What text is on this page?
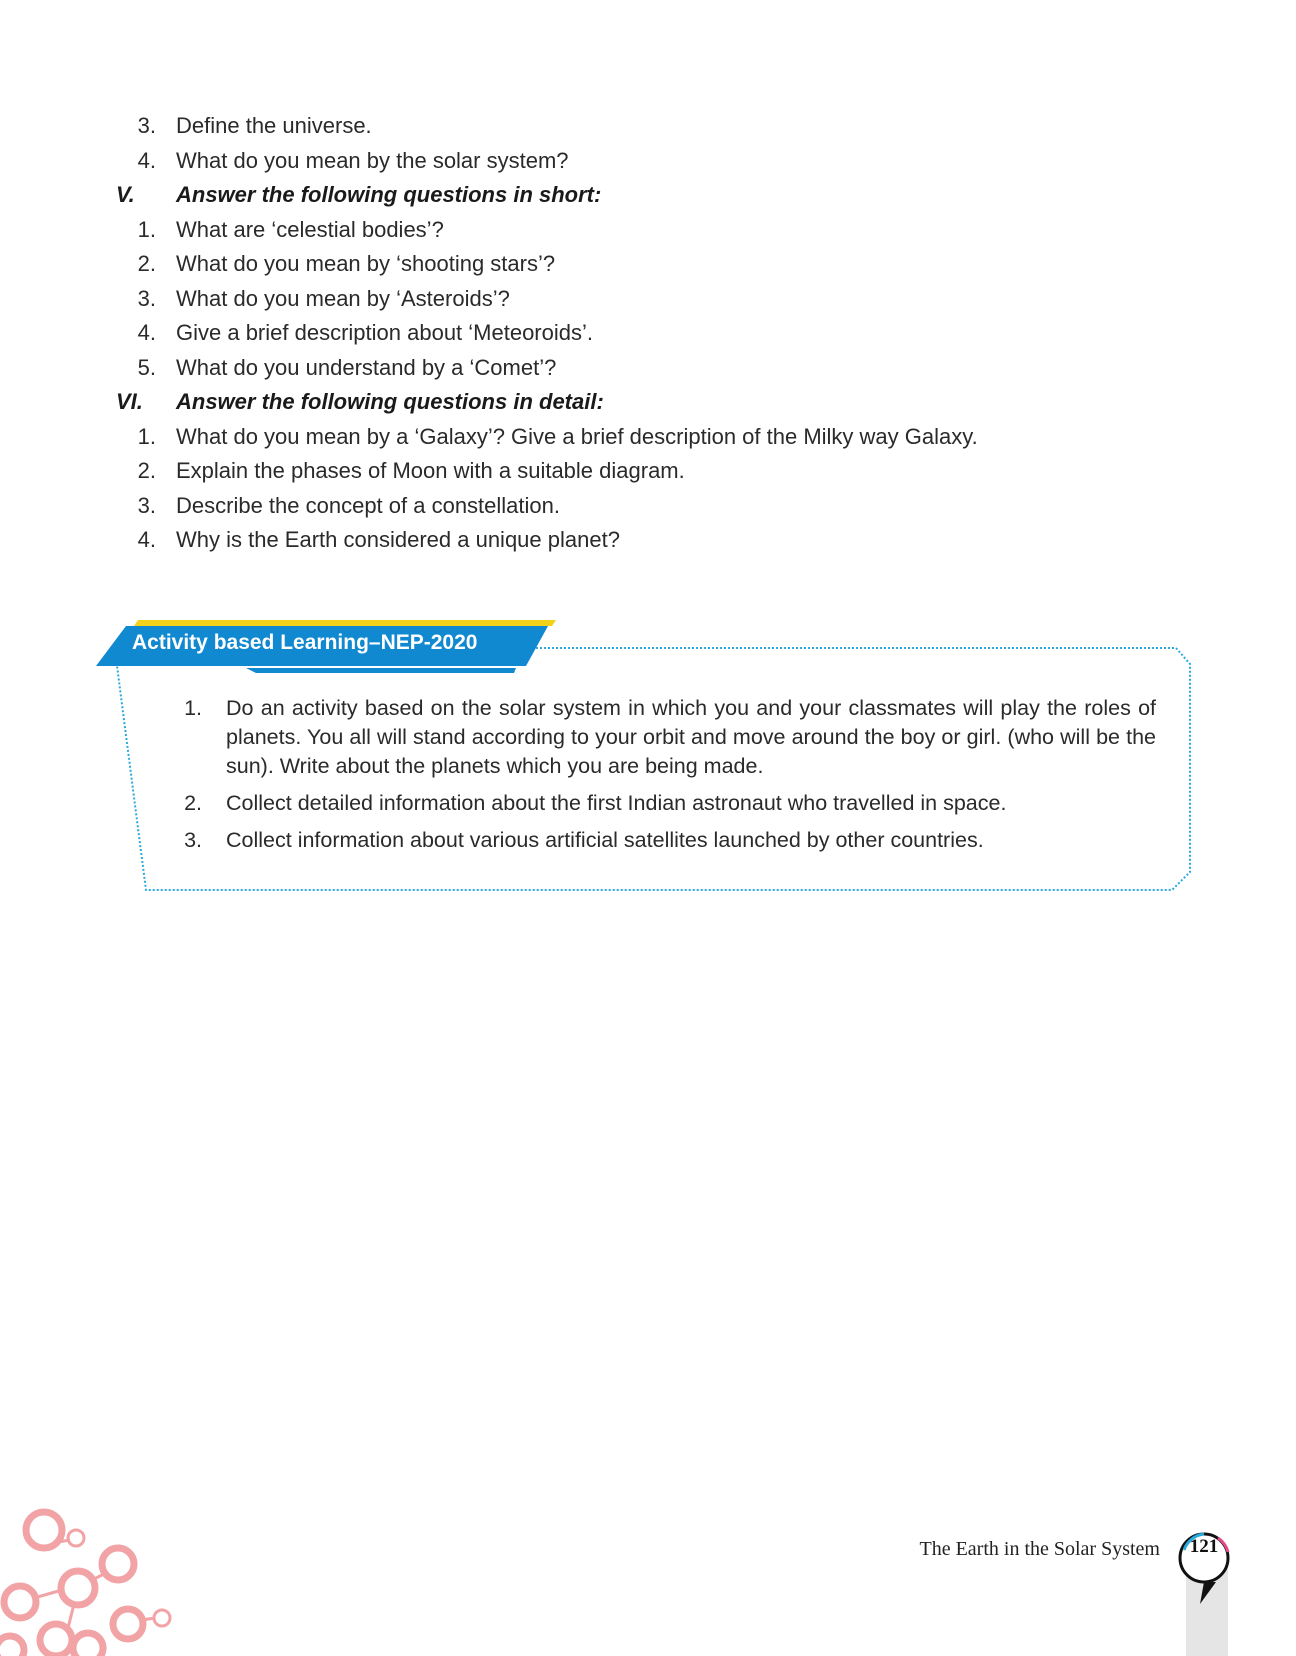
3. Define the universe.
4. What do you mean by the solar system?
V.	Answer the following questions in short:
1. What are ‘celestial bodies’?
2. What do you mean by ‘shooting stars’?
3. What do you mean by ‘Asteroids’?
4. Give a brief description about ‘Meteoroids’.
5. What do you understand by a ‘Comet’?
VI.	Answer the following questions in detail:
1. What do you mean by a ‘Galaxy’? Give a brief description of the Milky way Galaxy.
2. Explain the phases of Moon with a suitable diagram.
3. Describe the concept of a constellation.
4. Why is the Earth considered a unique planet?
Activity based Learning–NEP-2020
1. Do an activity based on the solar system in which you and your classmates will play the roles of planets. You all will stand according to your orbit and move around the boy or girl. (who will be the sun). Write about the planets which you are being made.
2. Collect detailed information about the first Indian astronaut who travelled in space.
3. Collect information about various artificial satellites launched by other countries.
The Earth in the Solar System	121
